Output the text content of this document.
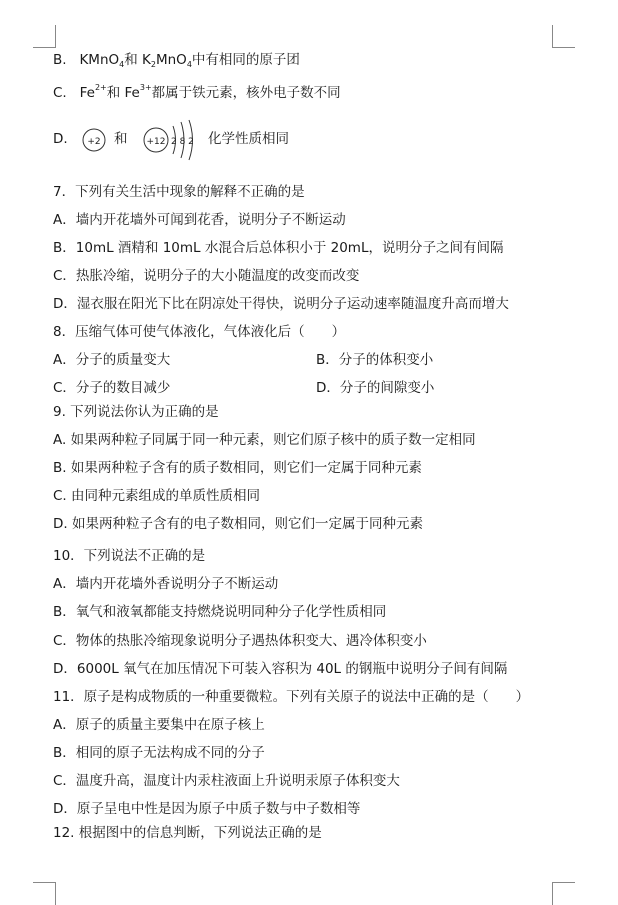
B. KMnO$_4$和 $K_2MnO_4$中有相同的原子团
C. $Fe^{2+}$和 $Fe^{3+}$都属于铁元素，核外电子数不同
D. +2	+12 2 8 2
和	化学性质相同
7．下列有关生活中现象的解释不正确的是
A．墙内开花墙外可闻到花香，说明分子不断运动
B．10mL 酒精和 10mL 水混合后总体积小于 20mL，说明分子之间有间隔
C．热胀冷缩，说明分子的大小随温度的改变而改变
D．湿衣服在阳光下比在阴凉处干得快，说明分子运动速率随温度升高而增大
8．压缩气体可使气体液化，气体液化后（　　）
A．分子的质量变大	B．分子的体积变小
C．分子的数目减少	D．分子的间隙变小
9. 下列说法你认为正确的是
A. 如果两种粒子同属于同一种元素，则它们原子核中的质子数一定相同
B. 如果两种粒子含有的质子数相同，则它们一定属于同种元素
C. 由同种元素组成的单质性质相同
D. 如果两种粒子含有的电子数相同，则它们一定属于同种元素
10．下列说法不正确的是
A．墙内开花墙外香说明分子不断运动
B．氧气和液氧都能支持燃烧说明同种分子化学性质相同
C．物体的热胀冷缩现象说明分子遇热体积变大、遇冷体积变小
D．6000L 氧气在加压情况下可装入容积为 40L 的钢瓶中说明分子间有间隔
11．原子是构成物质的一种重要微粒。下列有关原子的说法中正确的是（　　）
A．原子的质量主要集中在原子核上
B．相同的原子无法构成不同的分子
C．温度升高，温度计内汞柱液面上升说明汞原子体积变大
D．原子呈电中性是因为原子中质子数与中子数相等
12. 根据图中的信息判断，下列说法正确的是
